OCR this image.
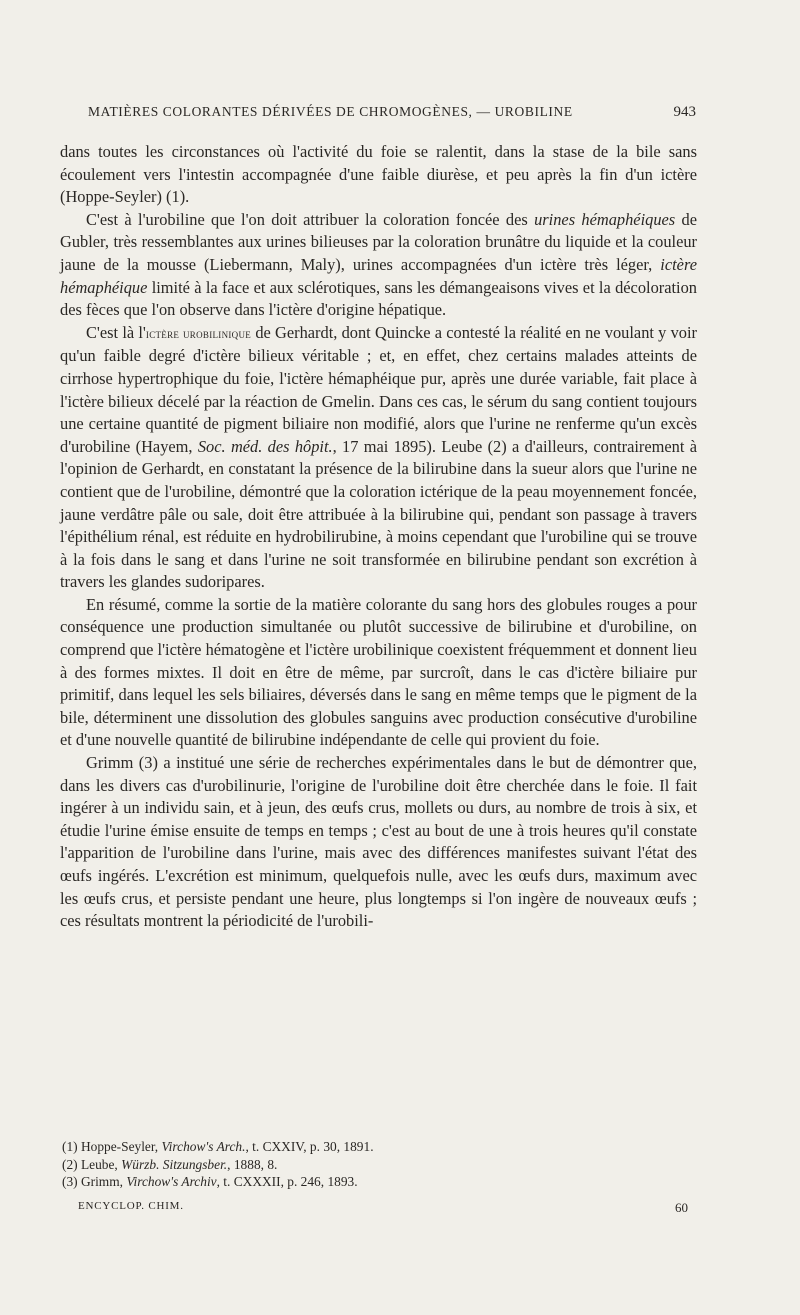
MATIÈRES COLORANTES DÉRIVÉES DE CHROMOGÈNES, — UROBILINE	943

dans toutes les circonstances où l'activité du foie se ralentit, dans la stase de la bile sans écoulement vers l'intestin accompagnée d'une faible diurèse, et peu après la fin d'un ictère (Hoppe-Seyler) (1).

C'est à l'urobiline que l'on doit attribuer la coloration foncée des urines hémaphéiques de Gubler, très ressemblantes aux urines bilieuses par la coloration brunâtre du liquide et la couleur jaune de la mousse (Liebermann, Maly), urines accompagnées d'un ictère très léger, ictère hémaphéique limité à la face et aux sclérotiques, sans les démangeaisons vives et la décoloration des fèces que l'on observe dans l'ictère d'origine hépatique.

C'est là l'ictère urobilinique de Gerhardt, dont Quincke a contesté la réalité en ne voulant y voir qu'un faible degré d'ictère bilieux véritable ; et, en effet, chez certains malades atteints de cirrhose hypertrophique du foie, l'ictère hémaphéique pur, après une durée variable, fait place à l'ictère bilieux décelé par la réaction de Gmelin. Dans ces cas, le sérum du sang contient toujours une certaine quantité de pigment biliaire non modifié, alors que l'urine ne renferme qu'un excès d'urobiline (Hayem, Soc. méd. des hôpit., 17 mai 1895). Leube (2) a d'ailleurs, contrairement à l'opinion de Gerhardt, en constatant la présence de la bilirubine dans la sueur alors que l'urine ne contient que de l'urobiline, démontré que la coloration ictérique de la peau moyennement foncée, jaune verdâtre pâle ou sale, doit être attribuée à la bilirubine qui, pendant son passage à travers l'épithélium rénal, est réduite en hydrobilirubine, à moins cependant que l'urobiline qui se trouve à la fois dans le sang et dans l'urine ne soit transformée en bilirubine pendant son excrétion à travers les glandes sudoripares.

En résumé, comme la sortie de la matière colorante du sang hors des globules rouges a pour conséquence une production simultanée ou plutôt successive de bilirubine et d'urobiline, on comprend que l'ictère hématogène et l'ictère urobilinique coexistent fréquemment et donnent lieu à des formes mixtes. Il doit en être de même, par surcroît, dans le cas d'ictère biliaire pur primitif, dans lequel les sels biliaires, déversés dans le sang en même temps que le pigment de la bile, déterminent une dissolution des globules sanguins avec production consécutive d'urobiline et d'une nouvelle quantité de bilirubine indépendante de celle qui provient du foie.

Grimm (3) a institué une série de recherches expérimentales dans le but de démontrer que, dans les divers cas d'urobilinurie, l'origine de l'urobiline doit être cherchée dans le foie. Il fait ingérer à un individu sain, et à jeun, des œufs crus, mollets ou durs, au nombre de trois à six, et étudie l'urine émise ensuite de temps en temps ; c'est au bout de une à trois heures qu'il constate l'apparition de l'urobiline dans l'urine, mais avec des différences manifestes suivant l'état des œufs ingérés. L'excrétion est minimum, quelquefois nulle, avec les œufs durs, maximum avec les œufs crus, et persiste pendant une heure, plus longtemps si l'on ingère de nouveaux œufs ; ces résultats montrent la périodicité de l'urobili-

(1) Hoppe-Seyler, Virchow's Arch., t. CXXIV, p. 30, 1891.
(2) Leube, Würzb. Sitzungsber., 1888, 8.
(3) Grimm, Virchow's Archiv, t. CXXXII, p. 246, 1893.
ENCYCLOP. CHIM.	60
